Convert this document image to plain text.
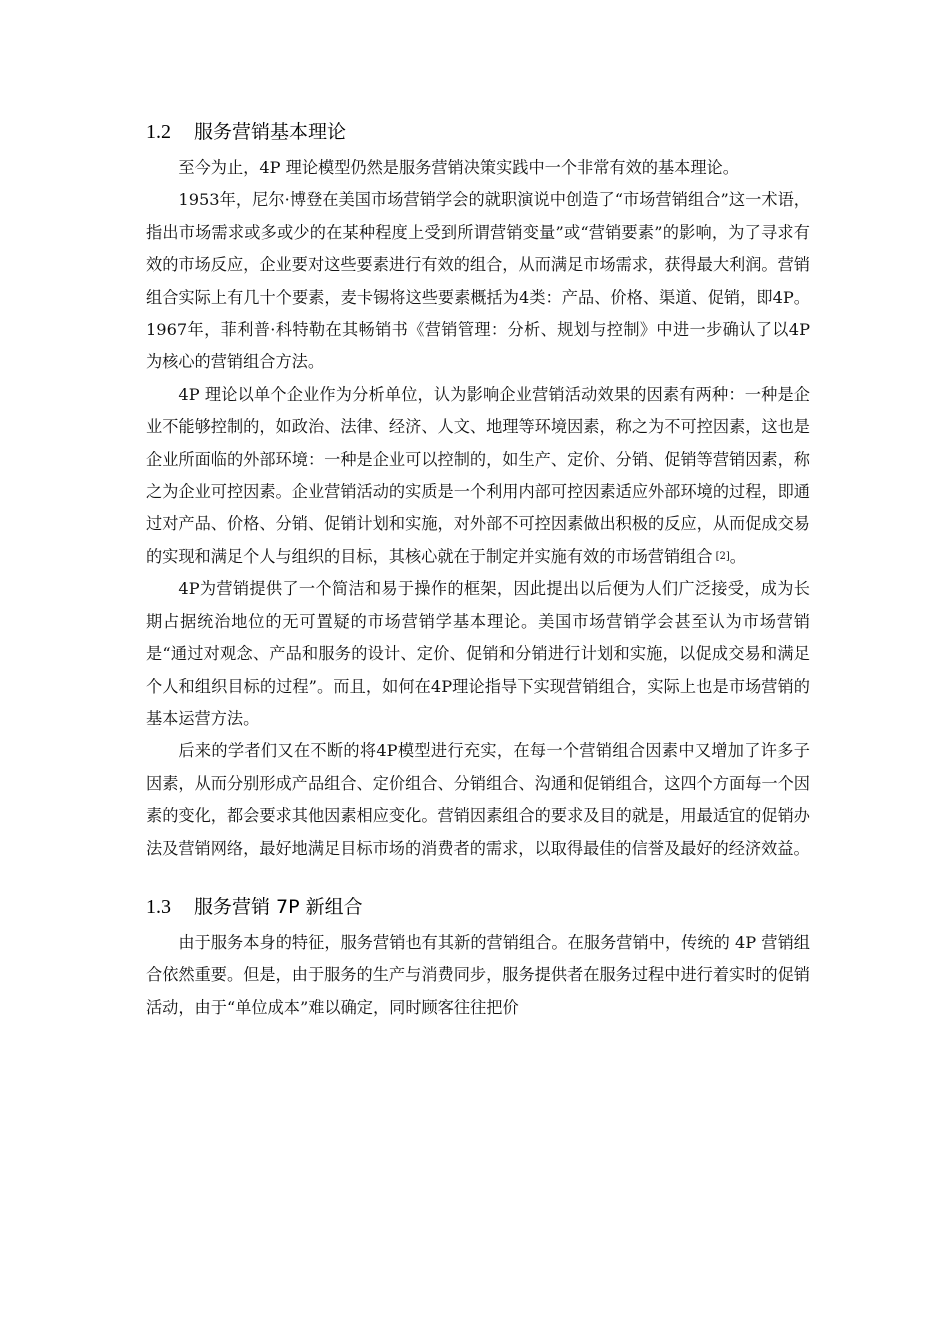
1.2 服务营销基本理论

至今为止，4P 理论模型仍然是服务营销决策实践中一个非常有效的基本理论。

1953年，尼尔·博登在美国市场营销学会的就职演说中创造了“市场营销组合”这一术语，指出市场需求或多或少的在某种程度上受到所谓营销变量”或“营销要素”的影响，为了寻求有效的市场反应，企业要对这些要素进行有效的组合，从而满足市场需求，获得最大利润。营销组合实际上有几十个要素，麦卡锡将这些要素概括为4类：产品、价格、渠道、促销，即4P。1967年，菲利普·科特勒在其畅销书《营销管理：分析、规划与控制》中进一步确认了以4P为核心的营销组合方法。

4P 理论以单个企业作为分析单位，认为影响企业营销活动效果的因素有两种：一种是企业不能够控制的，如政治、法律、经济、人文、地理等环境因素，称之为不可控因素，这也是企业所面临的外部环境：一种是企业可以控制的，如生产、定价、分销、促销等营销因素，称之为企业可控因素。企业营销活动的实质是一个利用内部可控因素适应外部环境的过程，即通过对产品、价格、分销、促销计划和实施，对外部不可控因素做出积极的反应，从而促成交易的实现和满足个人与组织的目标，其核心就在于制定并实施有效的市场营销组合 [2]。

4P为营销提供了一个简洁和易于操作的框架，因此提出以后便为人们广泛接受，成为长期占据统治地位的无可置疑的市场营销学基本理论。美国市场营销学会甚至认为市场营销是“通过对观念、产品和服务的设计、定价、促销和分销进行计划和实施，以促成交易和满足个人和组织目标的过程”。而且，如何在4P理论指导下实现营销组合，实际上也是市场营销的基本运营方法。

后来的学者们又在不断的将4P模型进行充实，在每一个营销组合因素中又增加了许多子因素，从而分别形成产品组合、定价组合、分销组合、沟通和促销组合，这四个方面每一个因素的变化，都会要求其他因素相应变化。营销因素组合的要求及目的就是，用最适宜的促销办法及营销网络，最好地满足目标市场的消费者的需求，以取得最佳的信誉及最好的经济效益。

1.3 服务营销 7P 新组合

由于服务本身的特征，服务营销也有其新的营销组合。在服务营销中，传统的 4P 营销组合依然重要。但是，由于服务的生产与消费同步，服务提供者在服务过程中进行着实时的促销活动，由于“单位成本”难以确定，同时顾客往往把价
